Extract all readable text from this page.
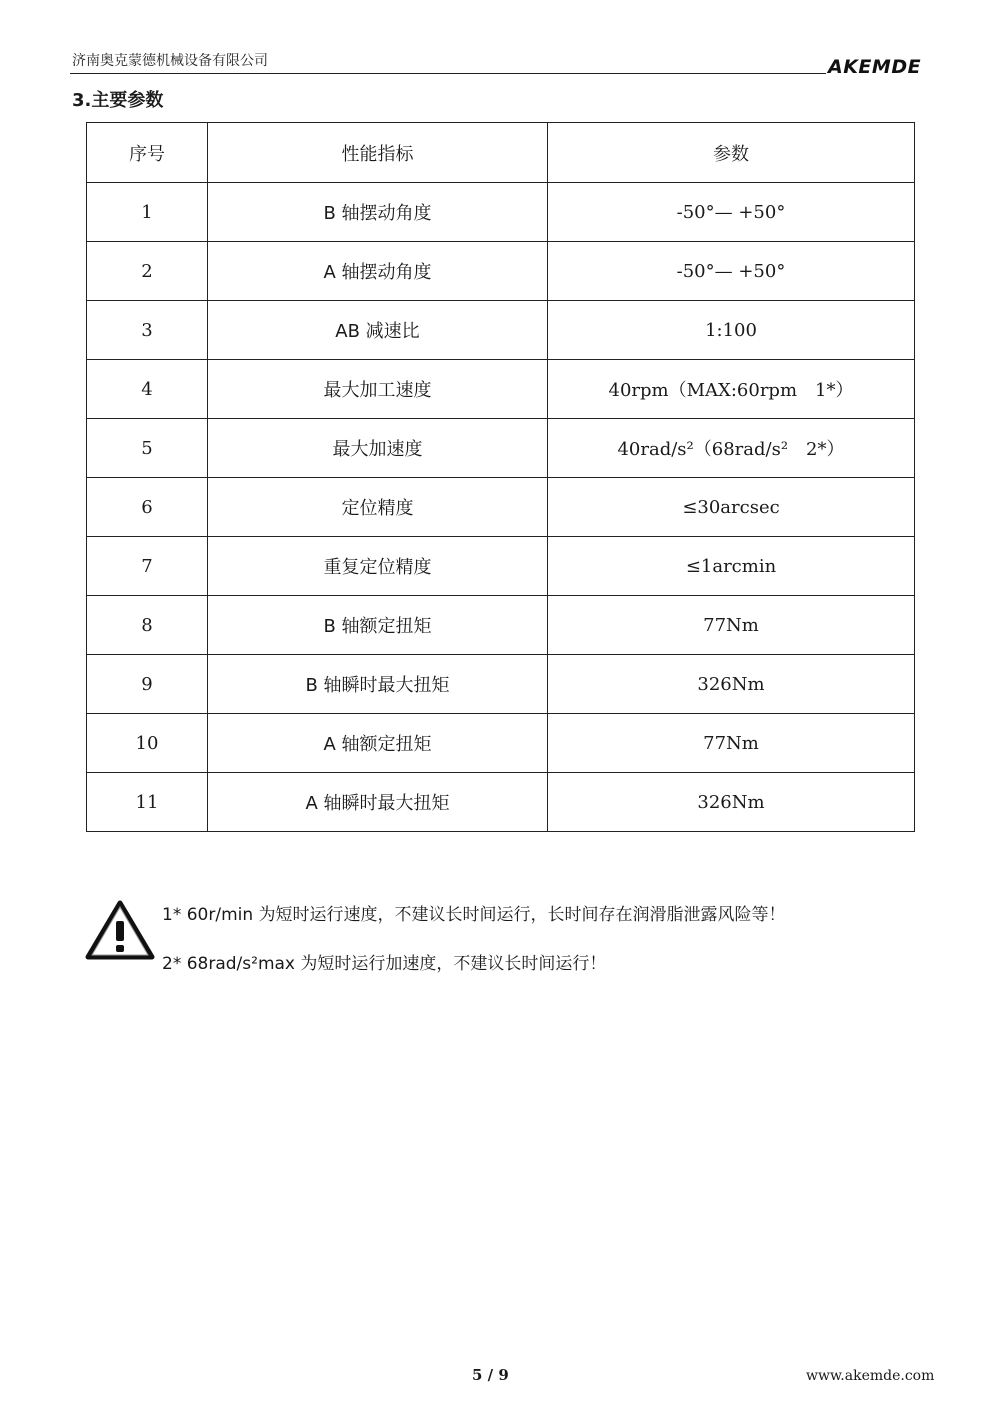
济南奥克蒙德机械设备有限公司	AKEMDE
3.主要参数
序号	性能指标	参数
1	B 轴摆动角度	-50°— +50°
2	A 轴摆动角度	-50°— +50°
3	AB 减速比	1:100
4	最大加工速度	40rpm（MAX:60rpm　1*）
5	最大加速度	40rad/s²（68rad/s²　2*）
6	定位精度	≤30arcsec
7	重复定位精度	≤1arcmin
8	B 轴额定扭矩	77Nm
9	B 轴瞬时最大扭矩	326Nm
10	A 轴额定扭矩	77Nm
11	A 轴瞬时最大扭矩	326Nm
1* 60r/min 为短时运行速度，不建议长时间运行，长时间存在润滑脂泄露风险等！
2* 68rad/s²max 为短时运行加速度，不建议长时间运行！
5 / 9	www.akemde.com
